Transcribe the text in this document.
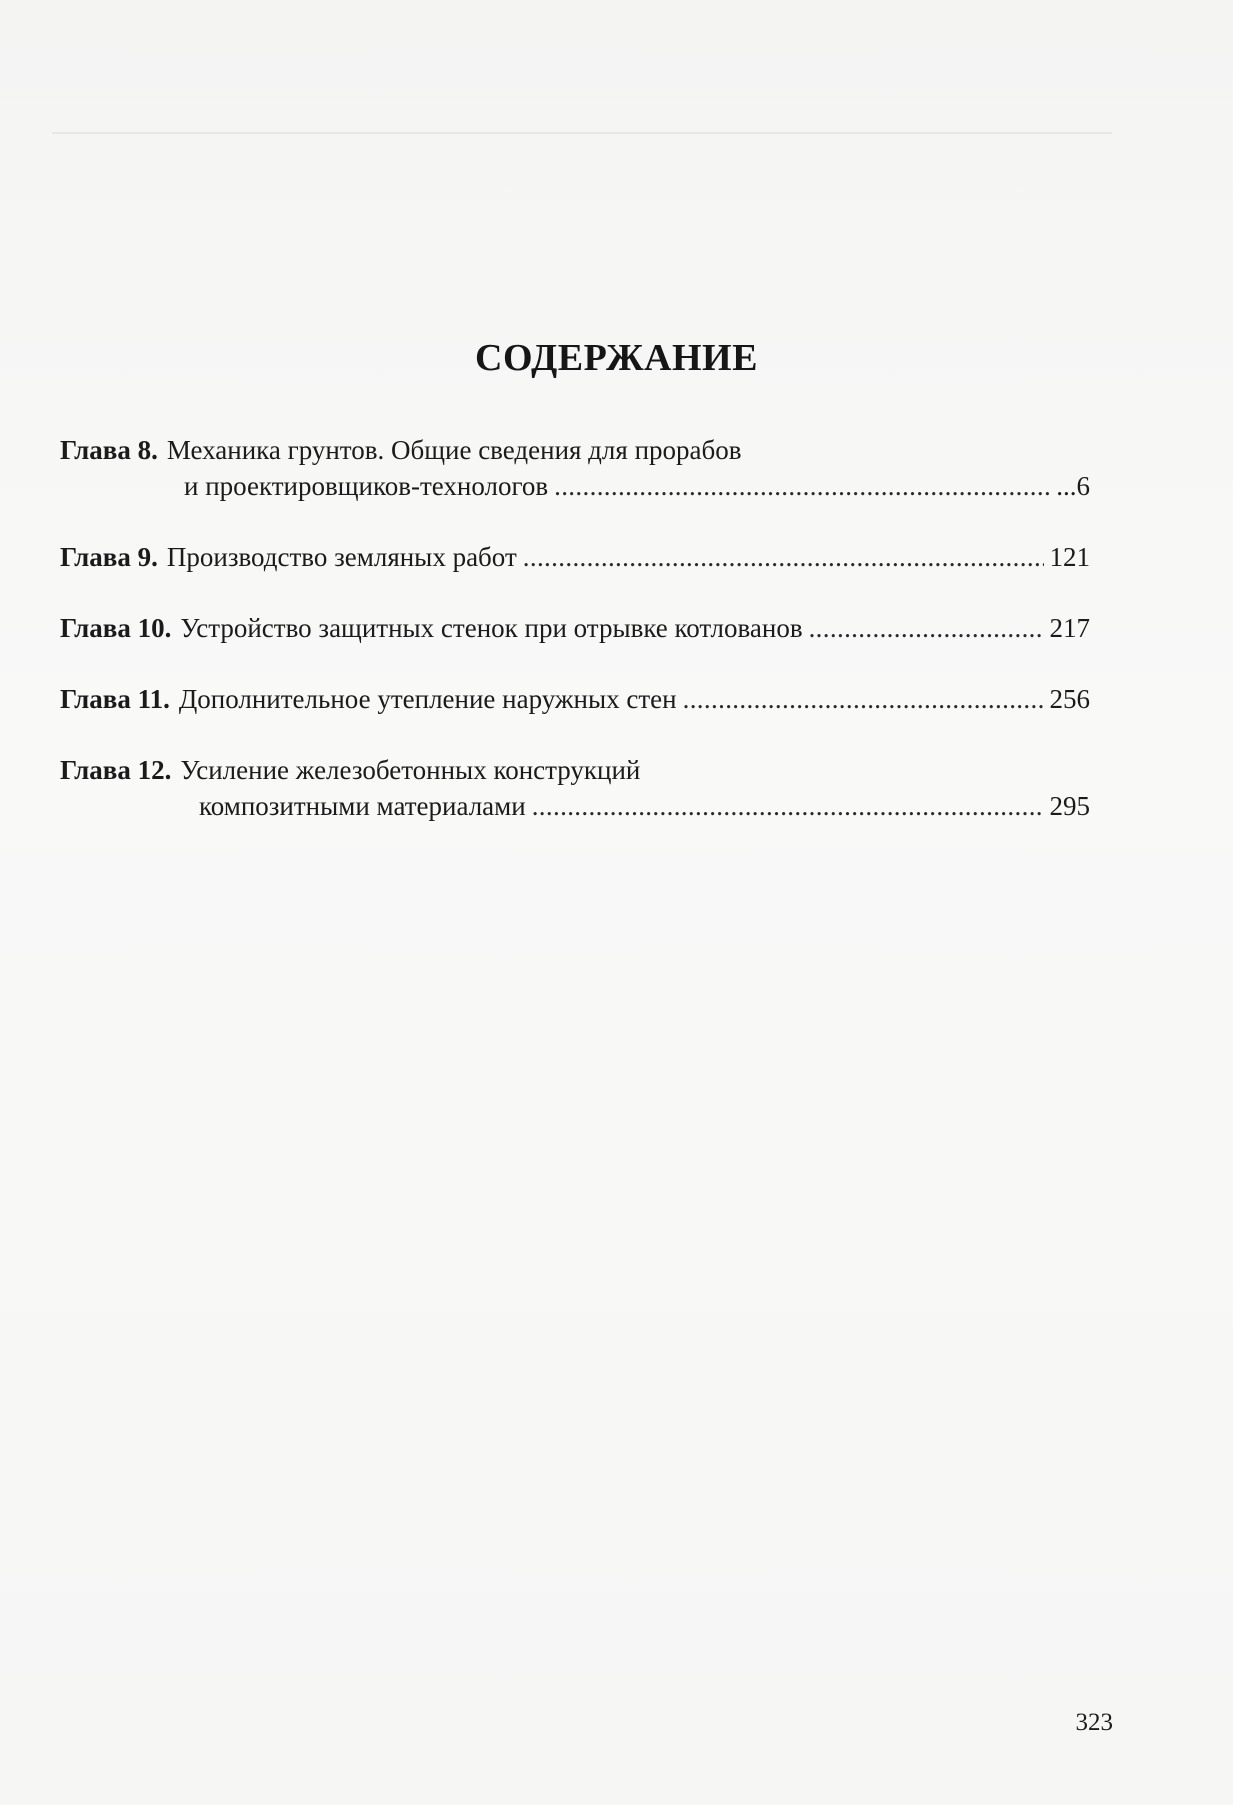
СОДЕРЖАНИЕ
Глава 8. Механика грунтов. Общие сведения для прорабов
и проектировщиков-технологов . . .	...6
Глава 9. Производство земляных работ . . .	121
Глава 10. Устройство защитных стенок при отрывке котлованов . . .	217
Глава 11. Дополнительное утепление наружных стен . . .	256
Глава 12. Усиление железобетонных конструкций
композитными материалами . . .	295
323
